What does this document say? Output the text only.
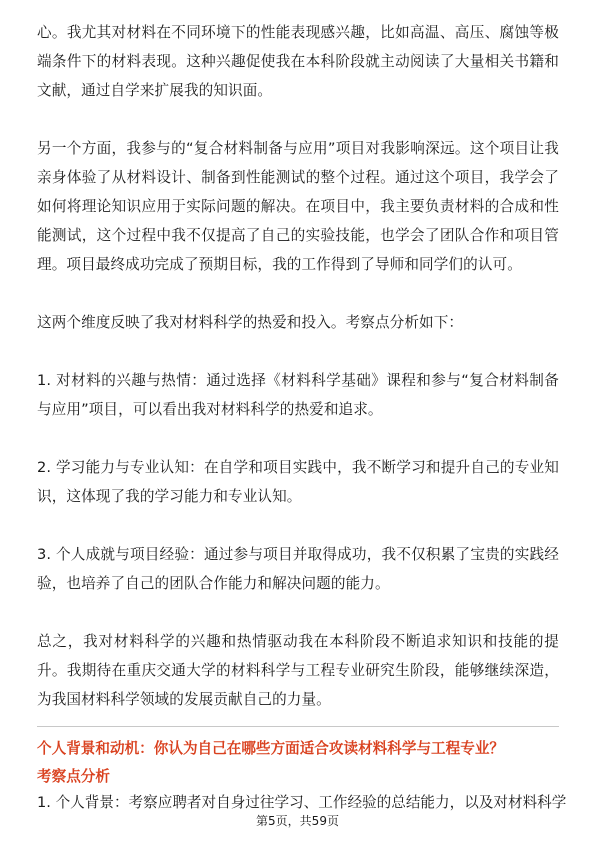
心。我尤其对材料在不同环境下的性能表现感兴趣，比如高温、高压、腐蚀等极端条件下的材料表现。这种兴趣促使我在本科阶段就主动阅读了大量相关书籍和文献，通过自学来扩展我的知识面。

另一个方面，我参与的“复合材料制备与应用”项目对我影响深远。这个项目让我亲身体验了从材料设计、制备到性能测试的整个过程。通过这个项目，我学会了如何将理论知识应用于实际问题的解决。在项目中，我主要负责材料的合成和性能测试，这个过程中我不仅提高了自己的实验技能，也学会了团队合作和项目管理。项目最终成功完成了预期目标，我的工作得到了导师和同学们的认可。

这两个维度反映了我对材料科学的热爱和投入。考察点分析如下：

1. 对材料的兴趣与热情：通过选择《材料科学基础》课程和参与“复合材料制备与应用”项目，可以看出我对材料科学的热爱和追求。

2. 学习能力与专业认知：在自学和项目实践中，我不断学习和提升自己的专业知识，这体现了我的学习能力和专业认知。

3. 个人成就与项目经验：通过参与项目并取得成功，我不仅积累了宝贵的实践经验，也培养了自己的团队合作能力和解决问题的能力。

总之，我对材料科学的兴趣和热情驱动我在本科阶段不断追求知识和技能的提升。我期待在重庆交通大学的材料科学与工程专业研究生阶段，能够继续深造，为我国材料科学领域的发展贡献自己的力量。

个人背景和动机：你认为自己在哪些方面适合攻读材料科学与工程专业？
考察点分析
1. 个人背景：考察应聘者对自身过往学习、工作经验的总结能力，以及对材料科学
第5页，共59页
